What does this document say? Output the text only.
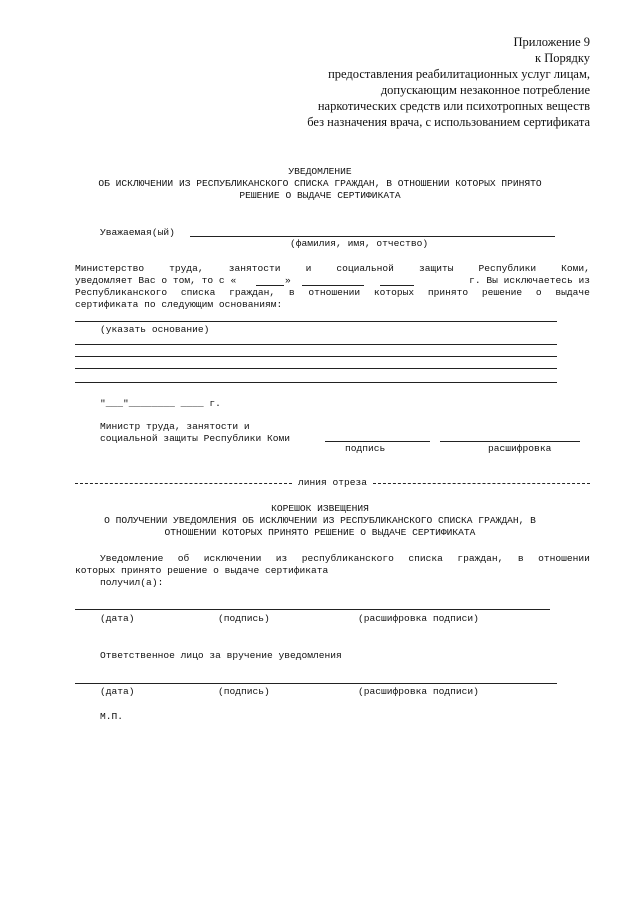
Приложение 9
к Порядку
предоставления реабилитационных услуг лицам,
допускающим незаконное потребление
наркотических средств или психотропных веществ
без назначения врача, с использованием сертификата
УВЕДОМЛЕНИЕ
ОБ ИСКЛЮЧЕНИИ ИЗ РЕСПУБЛИКАНСКОГО СПИСКА ГРАЖДАН, В ОТНОШЕНИИ КОТОРЫХ ПРИНЯТО
РЕШЕНИЕ О ВЫДАЧЕ СЕРТИФИКАТА
Уважаемая(ый)
(фамилия, имя, отчество)
Министерство	труда,	занятости	и	социальной	защиты	Республики	Коми,
уведомляет Вас о том, то с «	»	г. Вы исключаетесь из
Республиканского списка граждан, в отношении которых принято решение о выдаче
сертификата по следующим основаниям:
(указать основание)
"___"________ ____ г.
Министр труда, занятости и
социальной защиты Республики Коми
подпись	расшифровка
линия отреза
КОРЕШОК ИЗВЕЩЕНИЯ
О ПОЛУЧЕНИИ УВЕДОМЛЕНИЯ ОБ ИСКЛЮЧЕНИИ ИЗ РЕСПУБЛИКАНСКОГО СПИСКА ГРАЖДАН, В
ОТНОШЕНИИ КОТОРЫХ ПРИНЯТО РЕШЕНИЕ О ВЫДАЧЕ СЕРТИФИКАТА
Уведомление об исключении из республиканского списка граждан, в отношении
которых принято решение о выдаче сертификата
получил(а):
(дата)	(подпись)	(расшифровка подписи)
Ответственное лицо за вручение уведомления
(дата)	(подпись)	(расшифровка подписи)
М.П.
